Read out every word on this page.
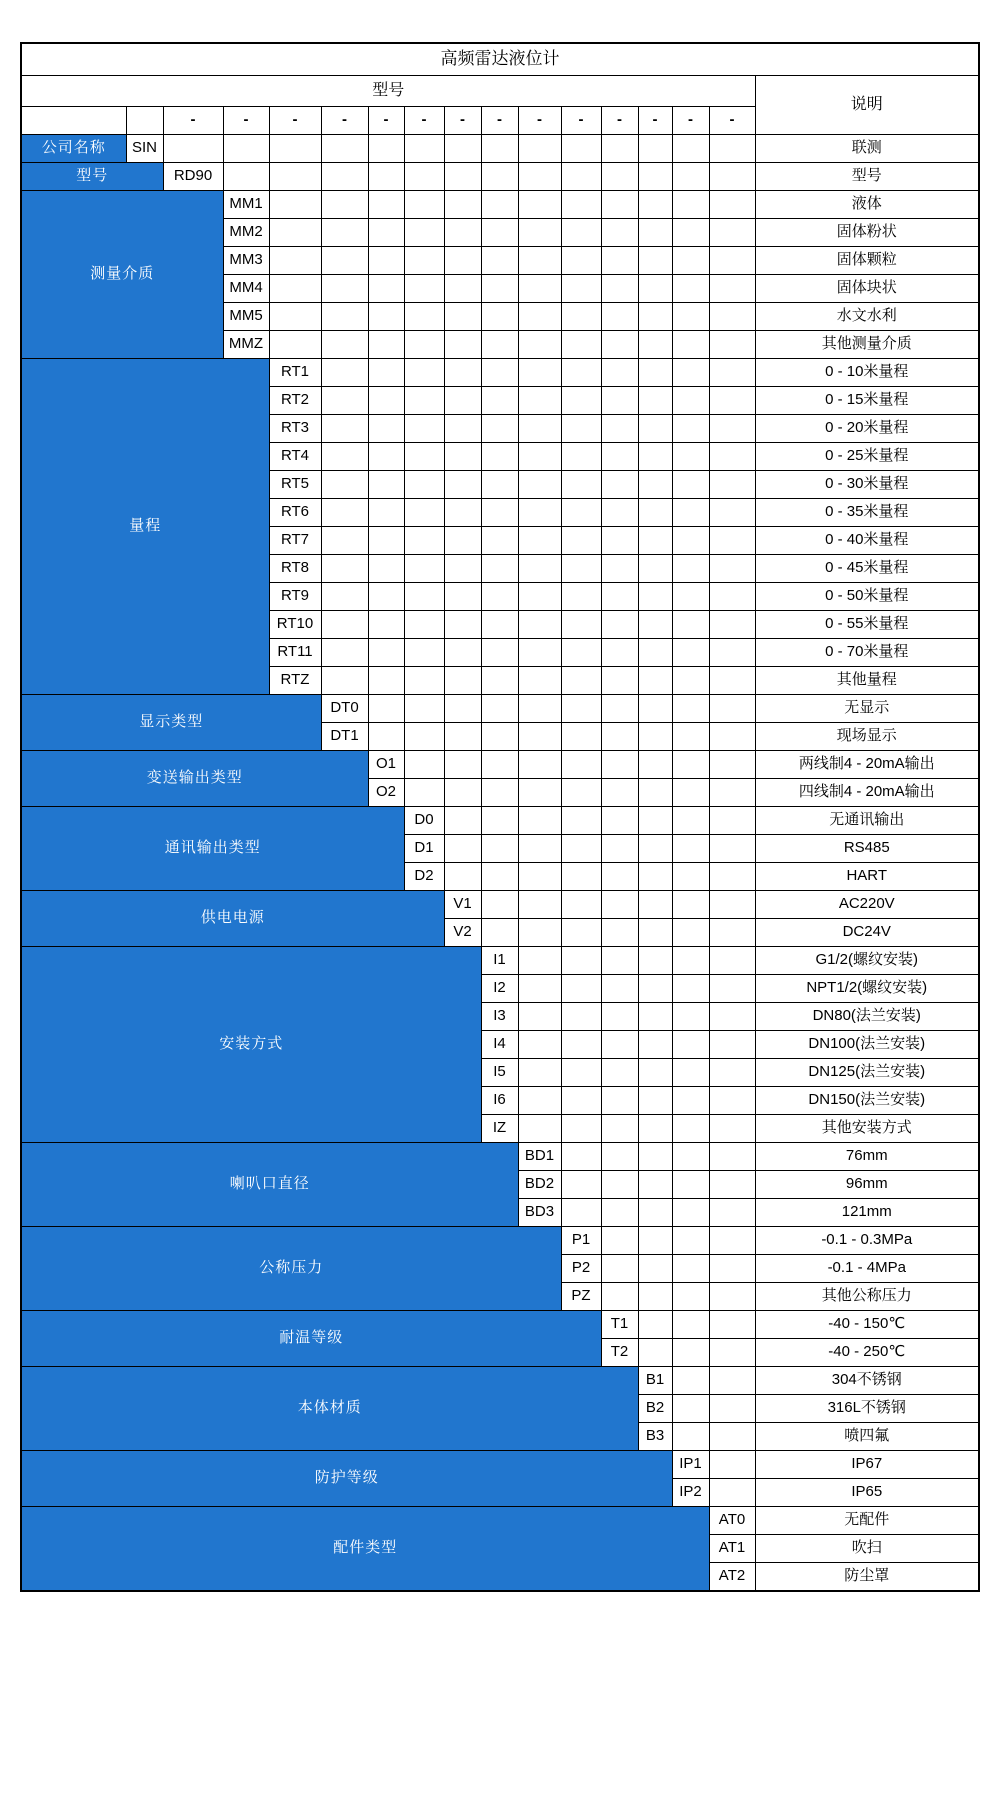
高频雷达液位计																
型号																说明
		-	-	-	-	-	-	-	-	-	-	-	-	-	-	
公司名称	SIN															联测
型号		RD90														型号
测量介质			MM1													液体
			MM2													固体粉状
			MM3													固体颗粒
			MM4													固体块状
			MM5													水文水利
			MMZ													其他测量介质
量程				RT1												0 - 10米量程
				RT2												0 - 15米量程
				RT3												0 - 20米量程
				RT4												0 - 25米量程
				RT5												0 - 30米量程
				RT6												0 - 35米量程
				RT7												0 - 40米量程
				RT8												0 - 45米量程
				RT9												0 - 50米量程
				RT10												0 - 55米量程
				RT11												0 - 70米量程
				RTZ												其他量程
显示类型					DT0											无显示
					DT1											现场显示
变送输出类型						O1										两线制4 - 20mA输出
						O2										四线制4 - 20mA输出
通讯输出类型							D0									无通讯输出
							D1									RS485
							D2									HART
供电电源								V1								AC220V
								V2								DC24V
安装方式									I1							G1/2(螺纹安装)
									I2							NPT1/2(螺纹安装)
									I3							DN80(法兰安装)
									I4							DN100(法兰安装)
									I5							DN125(法兰安装)
									I6							DN150(法兰安装)
									IZ							其他安装方式
喇叭口直径										BD1						76mm
										BD2						96mm
										BD3						121mm
公称压力											P1					-0.1 - 0.3MPa
											P2					-0.1 - 4MPa
											PZ					其他公称压力
耐温等级												T1				-40 - 150℃
												T2				-40 - 250℃
本体材质													B1			304不锈钢
													B2			316L不锈钢
													B3			喷四氟
防护等级														IP1		IP67
														IP2		IP65
配件类型															AT0	无配件
															AT1	吹扫
															AT2	防尘罩
